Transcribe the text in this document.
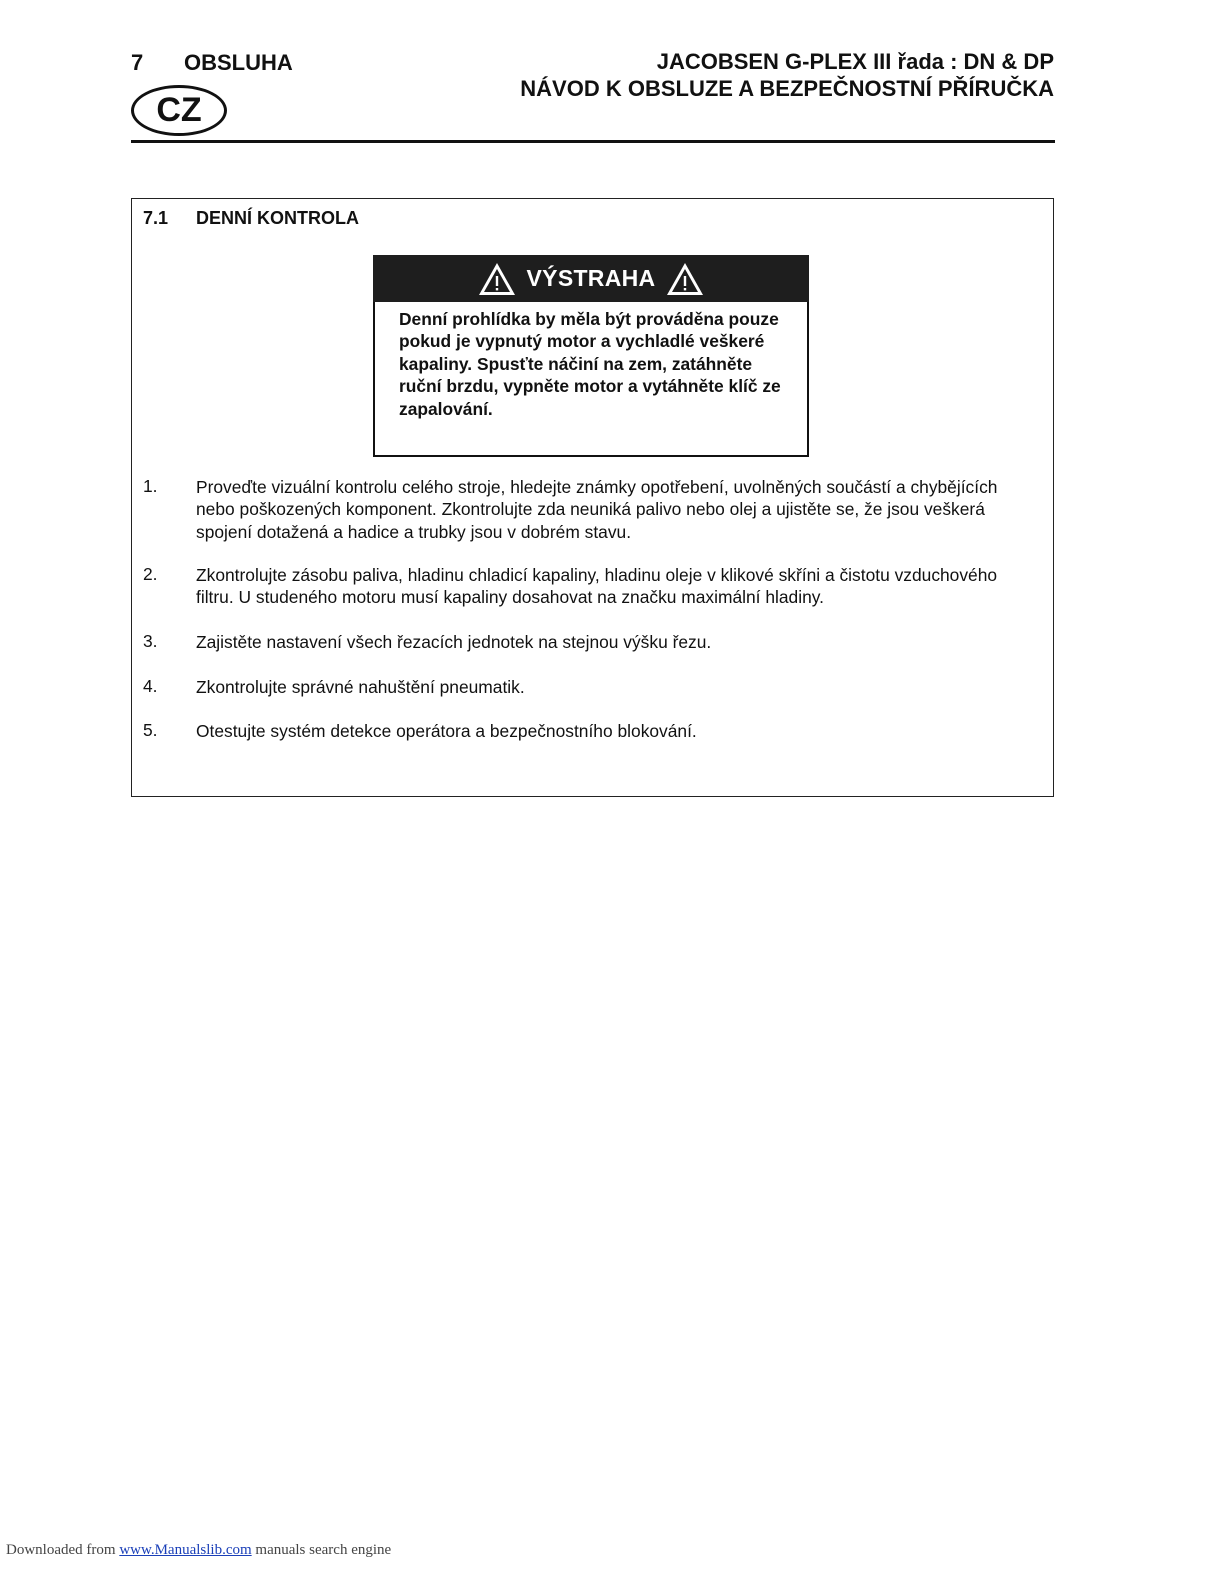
7 OBSLUHA	JACOBSEN G-PLEX III řada : DN & DP
NÁVOD K OBSLUZE A BEZPEČNOSTNÍ PŘÍRUČKA
CZ
7.1 DENNÍ KONTROLA
VÝSTRAHA
Denní prohlídka by měla být prováděna pouze pokud je vypnutý motor a vychladlé veškeré kapaliny. Spusťte náčiní na zem, zatáhněte ruční brzdu, vypněte motor a vytáhněte klíč ze zapalování.
1. Proveďte vizuální kontrolu celého stroje, hledejte známky opotřebení, uvolněných součástí a chybějících nebo poškozených komponent. Zkontrolujte zda neuniká palivo nebo olej a ujistěte se, že jsou veškerá spojení dotažená a hadice a trubky jsou v dobrém stavu.
2. Zkontrolujte zásobu paliva, hladinu chladicí kapaliny, hladinu oleje v klikové skříni a čistotu vzduchového filtru. U studeného motoru musí kapaliny dosahovat na značku maximální hladiny.
3. Zajistěte nastavení všech řezacích jednotek na stejnou výšku řezu.
4. Zkontrolujte správné nahuštění pneumatik.
5. Otestujte systém detekce operátora a bezpečnostního blokování.
Downloaded from www.Manualslib.com manuals search engine
